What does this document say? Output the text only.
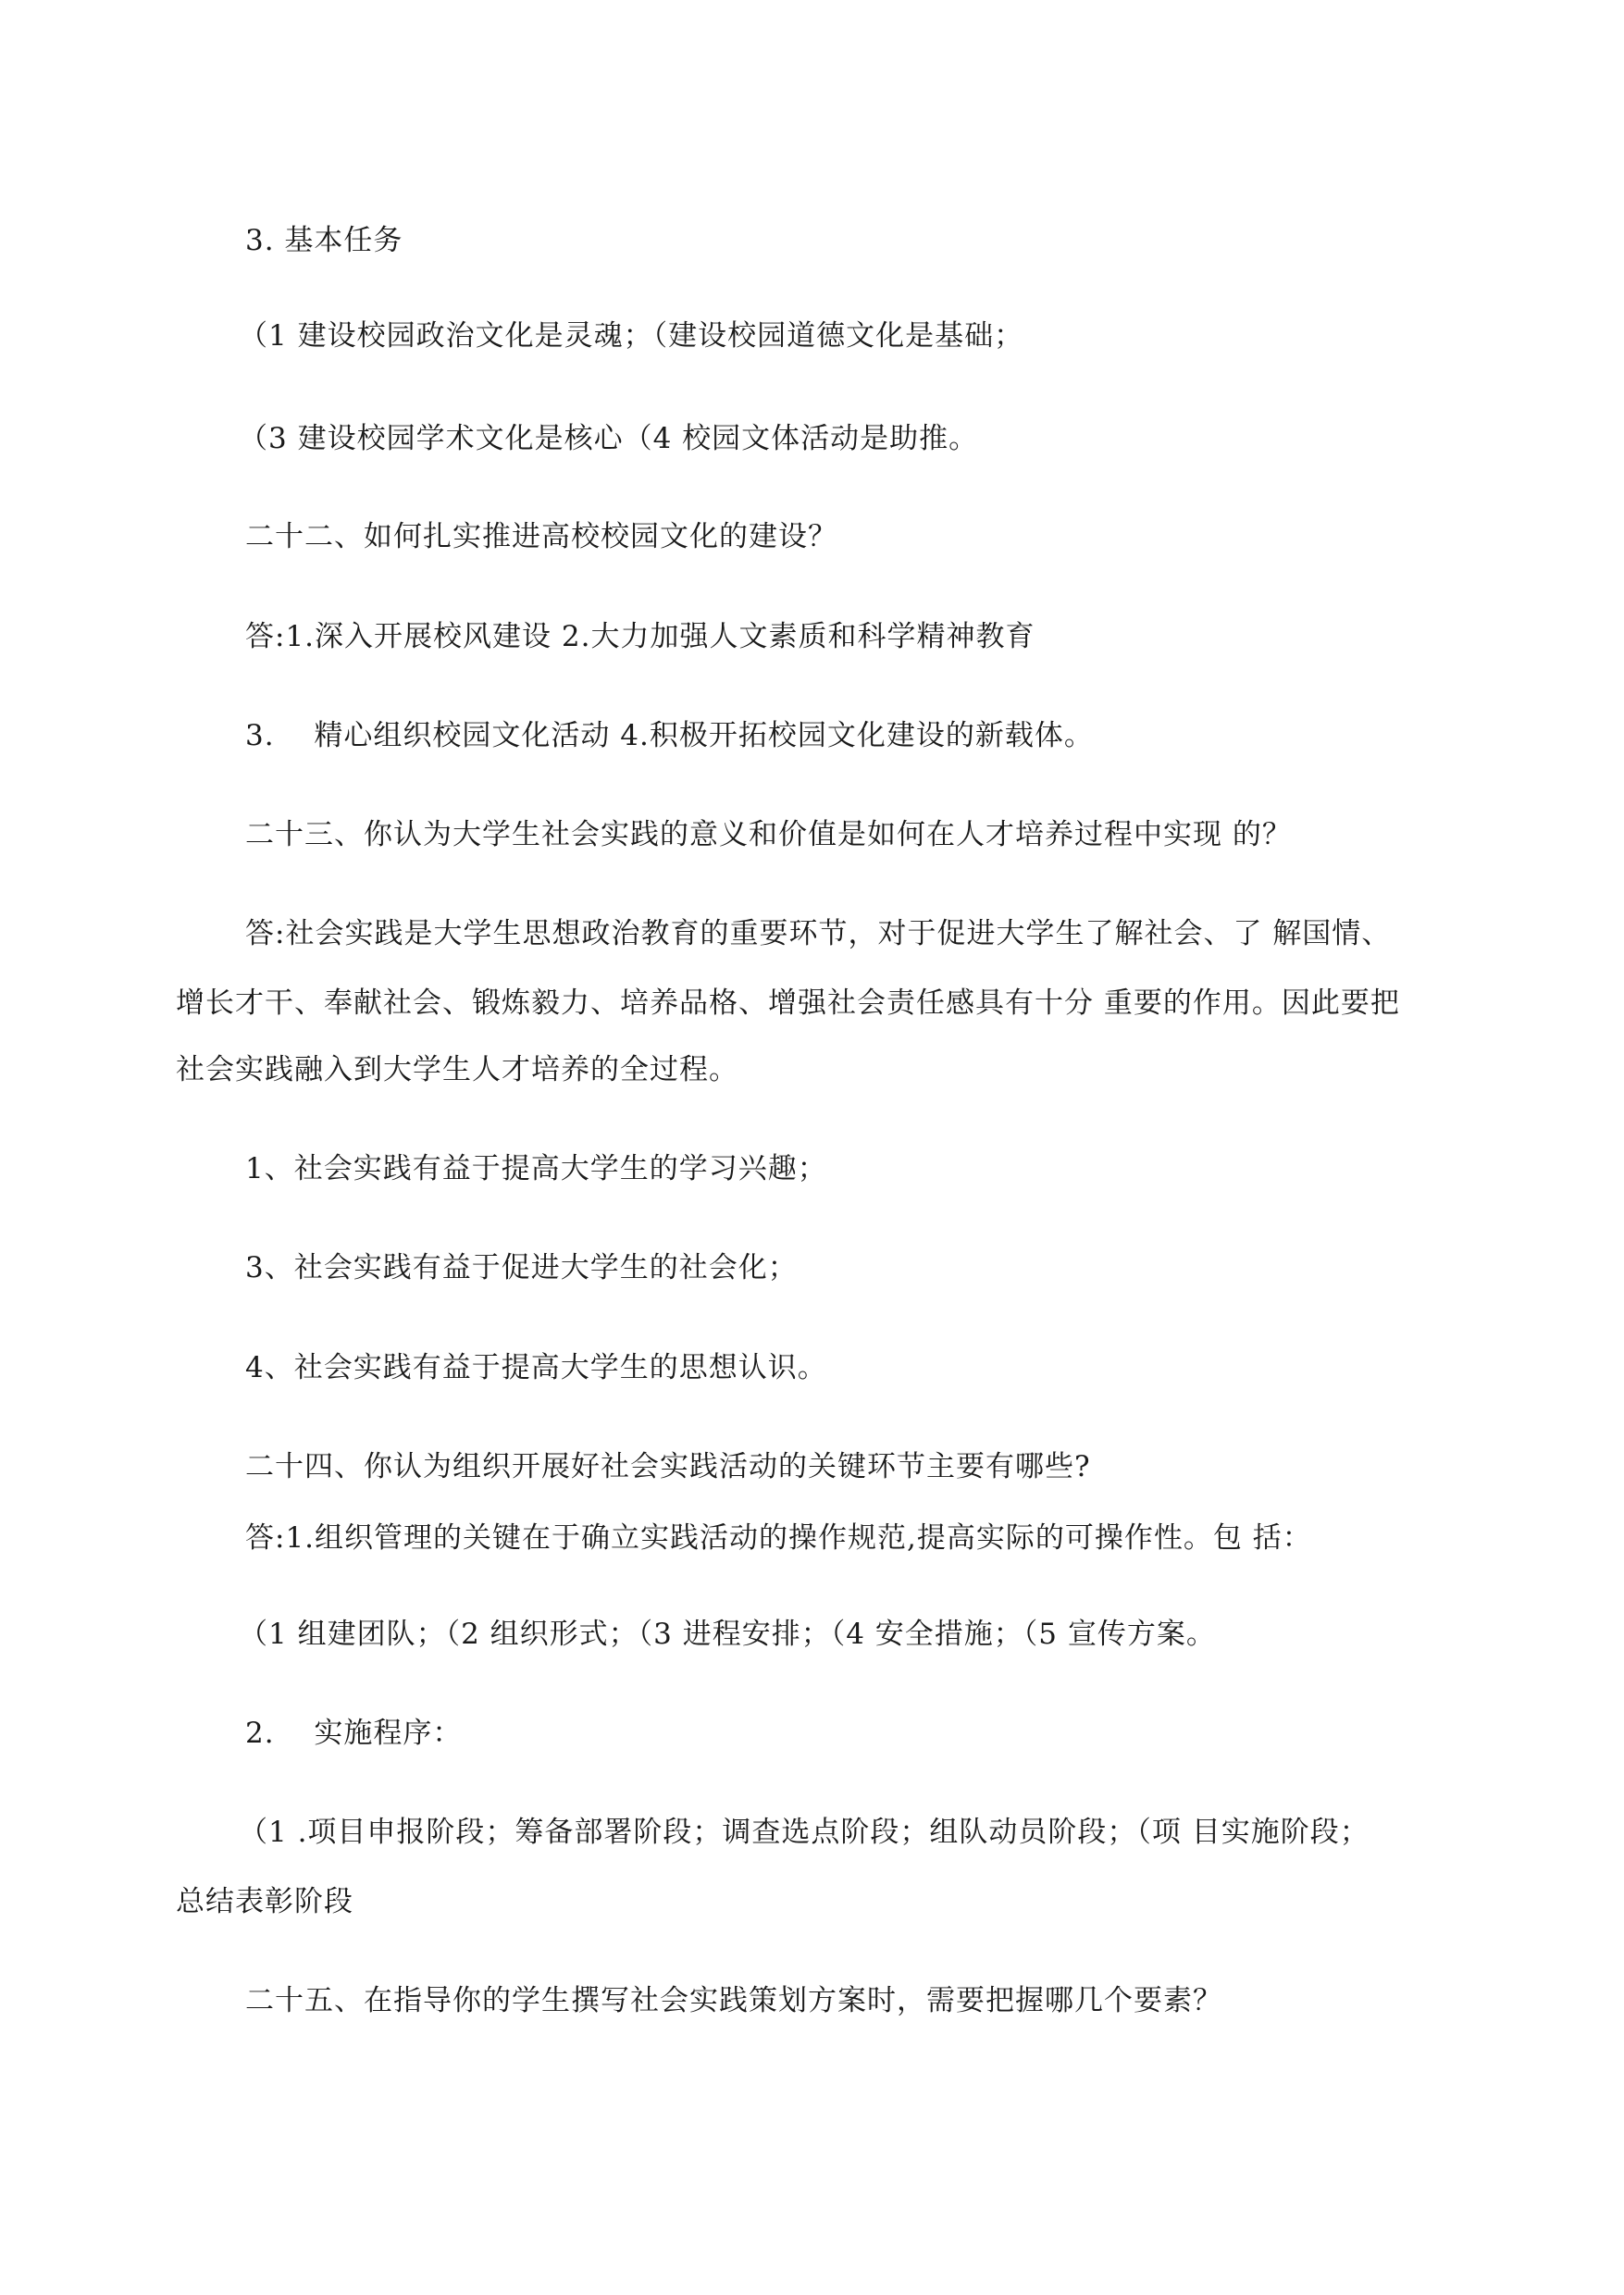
3. 基本任务
（1 建设校园政治文化是灵魂；（建设校园道德文化是基础；
（3 建设校园学术文化是核心（4 校园文体活动是助推。
二十二、如何扎实推进高校校园文化的建设？
答:1.深入开展校风建设 2.大力加强人文素质和科学精神教育
3.　 精心组织校园文化活动 4.积极开拓校园文化建设的新载体。
二十三、你认为大学生社会实践的意义和价值是如何在人才培养过程中实现 的？
答:社会实践是大学生思想政治教育的重要环节，对于促进大学生了解社会、了 解国情、
增长才干、奉献社会、锻炼毅力、培养品格、增强社会责任感具有十分 重要的作用。因此要把
社会实践融入到大学生人才培养的全过程。
1、社会实践有益于提高大学生的学习兴趣；
3、社会实践有益于促进大学生的社会化；
4、社会实践有益于提高大学生的思想认识。
二十四、你认为组织开展好社会实践活动的关键环节主要有哪些?
答:1.组织管理的关键在于确立实践活动的操作规范,提高实际的可操作性。包 括：
（1 组建团队；（2 组织形式；（3 进程安排；（4 安全措施；（5 宣传方案。
2.　 实施程序：
（1 .项目申报阶段；筹备部署阶段；调查选点阶段；组队动员阶段；（项 目实施阶段；
总结表彰阶段
二十五、在指导你的学生撰写社会实践策划方案时，需要把握哪几个要素？
